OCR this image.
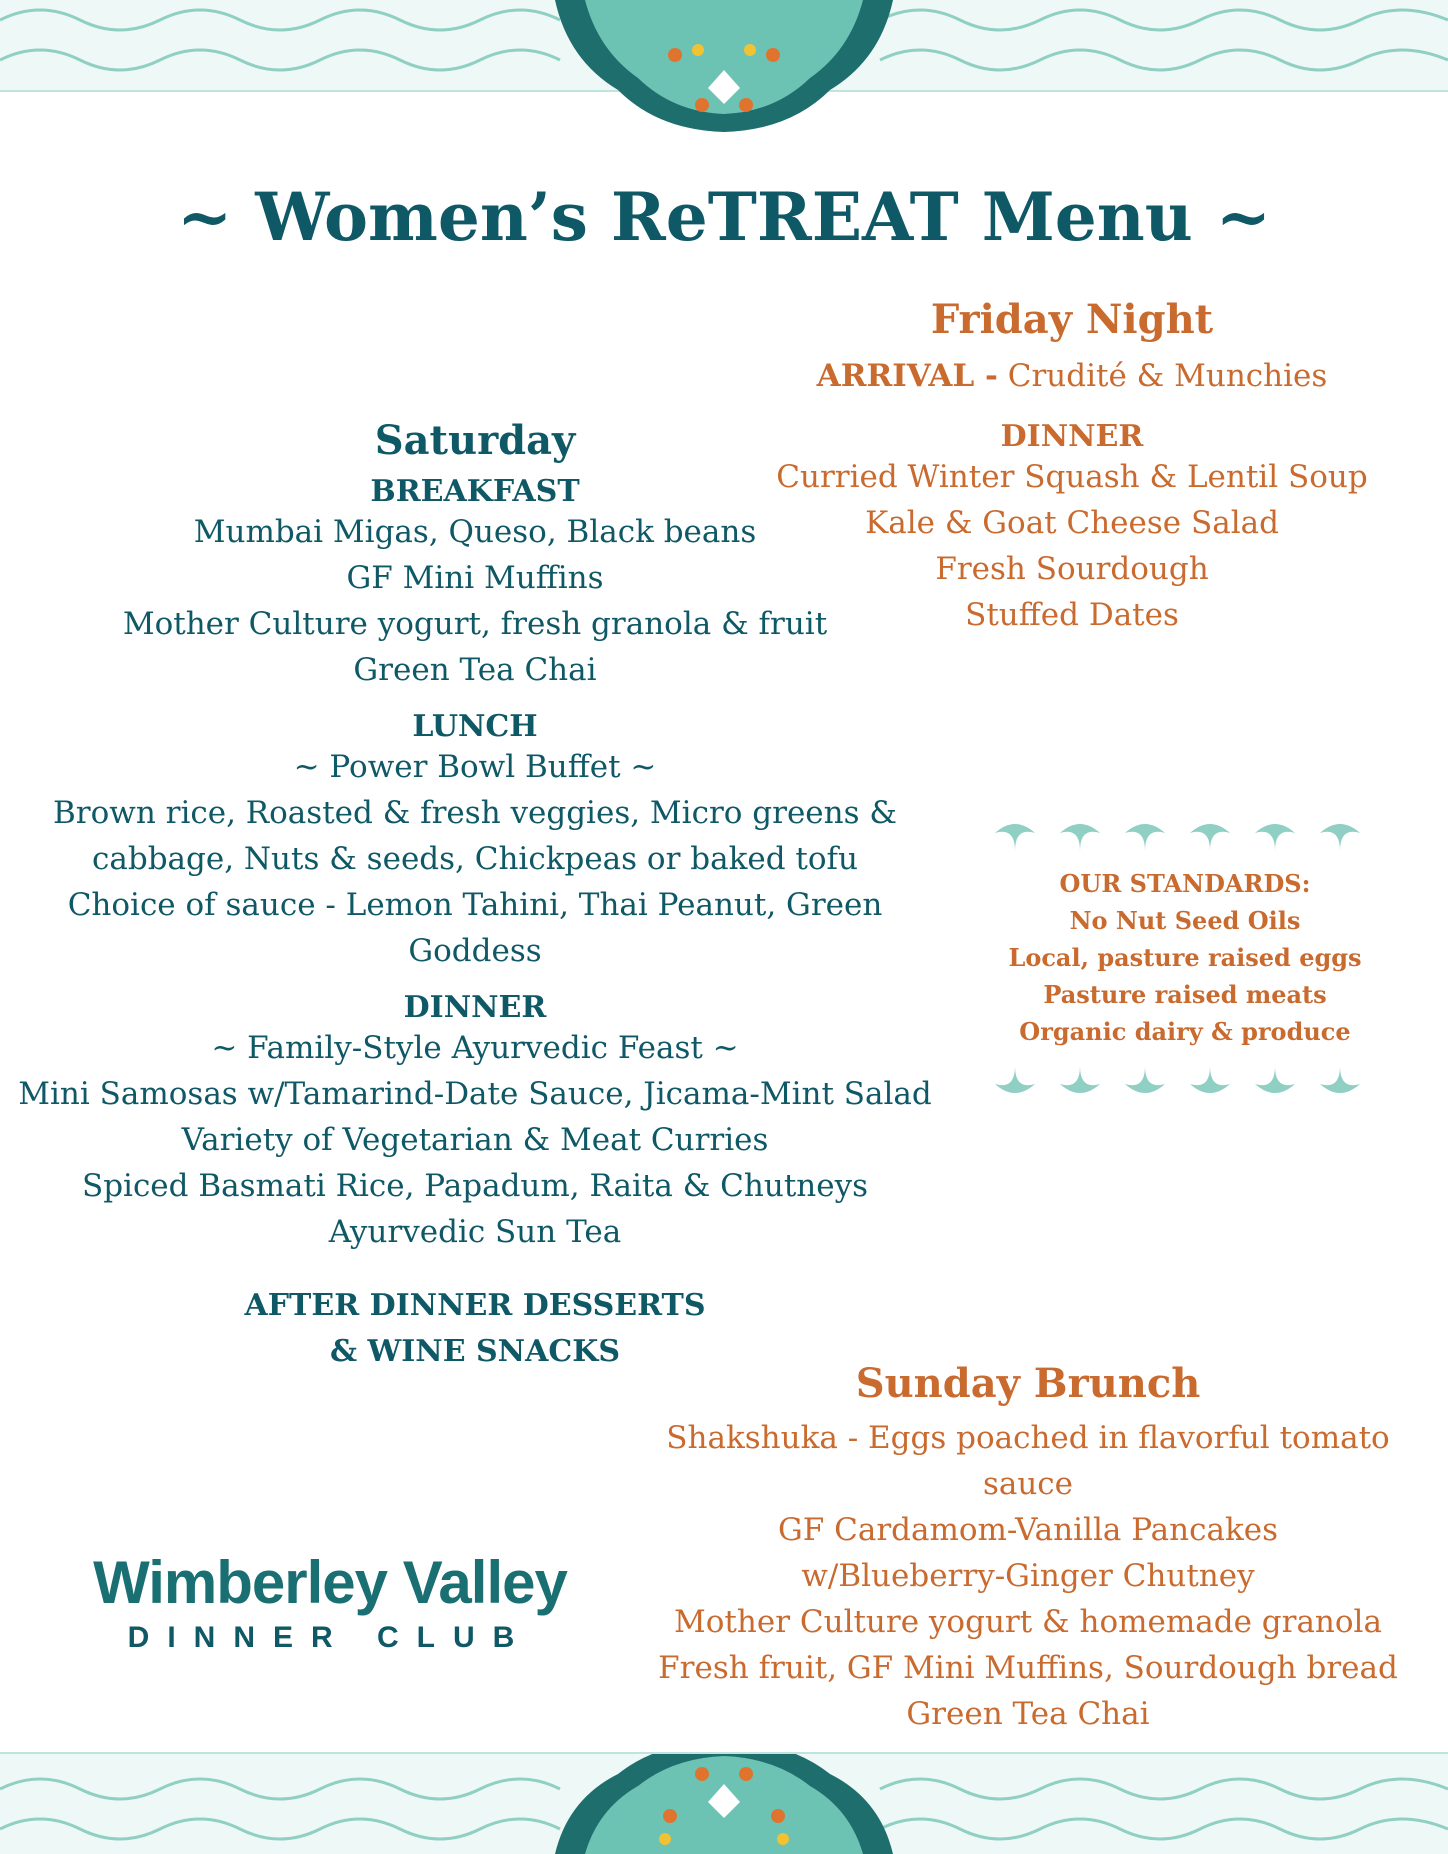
~ Women’s ReTREAT Menu ~
Friday Night
ARRIVAL - Crudité & Munchies
DINNER
Curried Winter Squash & Lentil Soup
Kale & Goat Cheese Salad
Fresh Sourdough
Stuffed Dates
Saturday
BREAKFAST
Mumbai Migas, Queso, Black beans
GF Mini Muffins
Mother Culture yogurt, fresh granola & fruit
Green Tea Chai
LUNCH
~ Power Bowl Buffet ~
Brown rice, Roasted & fresh veggies, Micro greens &
cabbage, Nuts & seeds, Chickpeas or baked tofu
Choice of sauce - Lemon Tahini, Thai Peanut, Green Goddess
DINNER
~ Family-Style Ayurvedic Feast ~
Mini Samosas w/Tamarind-Date Sauce, Jicama-Mint Salad
Variety of Vegetarian & Meat Curries
Spiced Basmati Rice, Papadum, Raita & Chutneys
Ayurvedic Sun Tea
AFTER DINNER DESSERTS
& WINE SNACKS
OUR STANDARDS:
No Nut Seed Oils
Local, pasture raised eggs
Pasture raised meats
Organic dairy & produce
Sunday Brunch
Shakshuka - Eggs poached in flavorful tomato sauce
GF Cardamom-Vanilla Pancakes
w/Blueberry-Ginger Chutney
Mother Culture yogurt & homemade granola
Fresh fruit, GF Mini Muffins, Sourdough bread
Green Tea Chai
Wimberley Valley
DINNER CLUB
